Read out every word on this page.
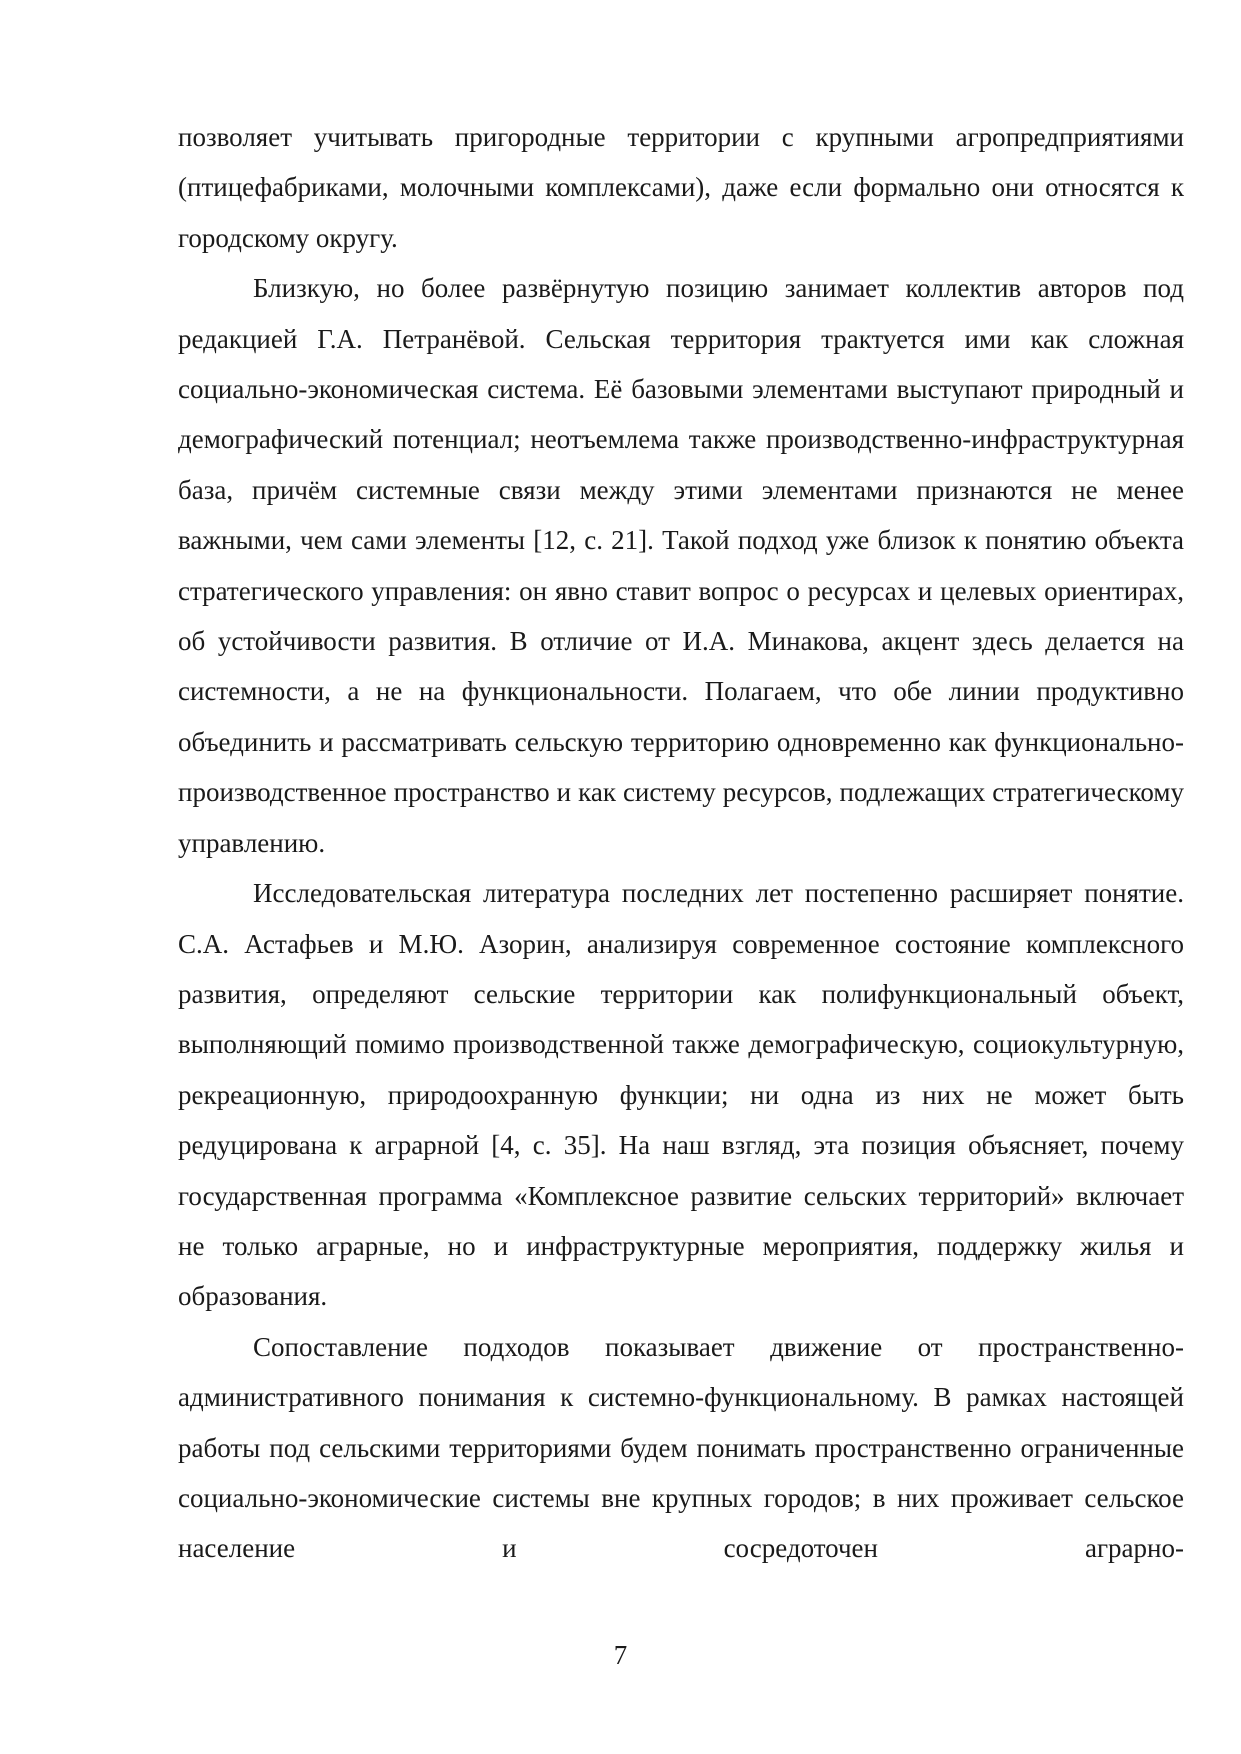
позволяет учитывать пригородные территории с крупными агропредприятиями (птицефабриками, молочными комплексами), даже если формально они относятся к городскому округу.

Близкую, но более развёрнутую позицию занимает коллектив авторов под редакцией Г.А. Петранёвой. Сельская территория трактуется ими как сложная социально-экономическая система. Её базовыми элементами выступают природный и демографический потенциал; неотъемлема также производственно-инфраструктурная база, причём системные связи между этими элементами признаются не менее важными, чем сами элементы [12, с. 21]. Такой подход уже близок к понятию объекта стратегического управления: он явно ставит вопрос о ресурсах и целевых ориентирах, об устойчивости развития. В отличие от И.А. Минакова, акцент здесь делается на системности, а не на функциональности. Полагаем, что обе линии продуктивно объединить и рассматривать сельскую территорию одновременно как функционально-производственное пространство и как систему ресурсов, подлежащих стратегическому управлению.

Исследовательская литература последних лет постепенно расширяет понятие. С.А. Астафьев и М.Ю. Азорин, анализируя современное состояние комплексного развития, определяют сельские территории как полифункциональный объект, выполняющий помимо производственной также демографическую, социокультурную, рекреационную, природоохранную функции; ни одна из них не может быть редуцирована к аграрной [4, с. 35]. На наш взгляд, эта позиция объясняет, почему государственная программа «Комплексное развитие сельских территорий» включает не только аграрные, но и инфраструктурные мероприятия, поддержку жилья и образования.

Сопоставление подходов показывает движение от пространственно-административного понимания к системно-функциональному. В рамках настоящей работы под сельскими территориями будем понимать пространственно ограниченные социально-экономические системы вне крупных городов; в них проживает сельское население и сосредоточен аграрно-

7
